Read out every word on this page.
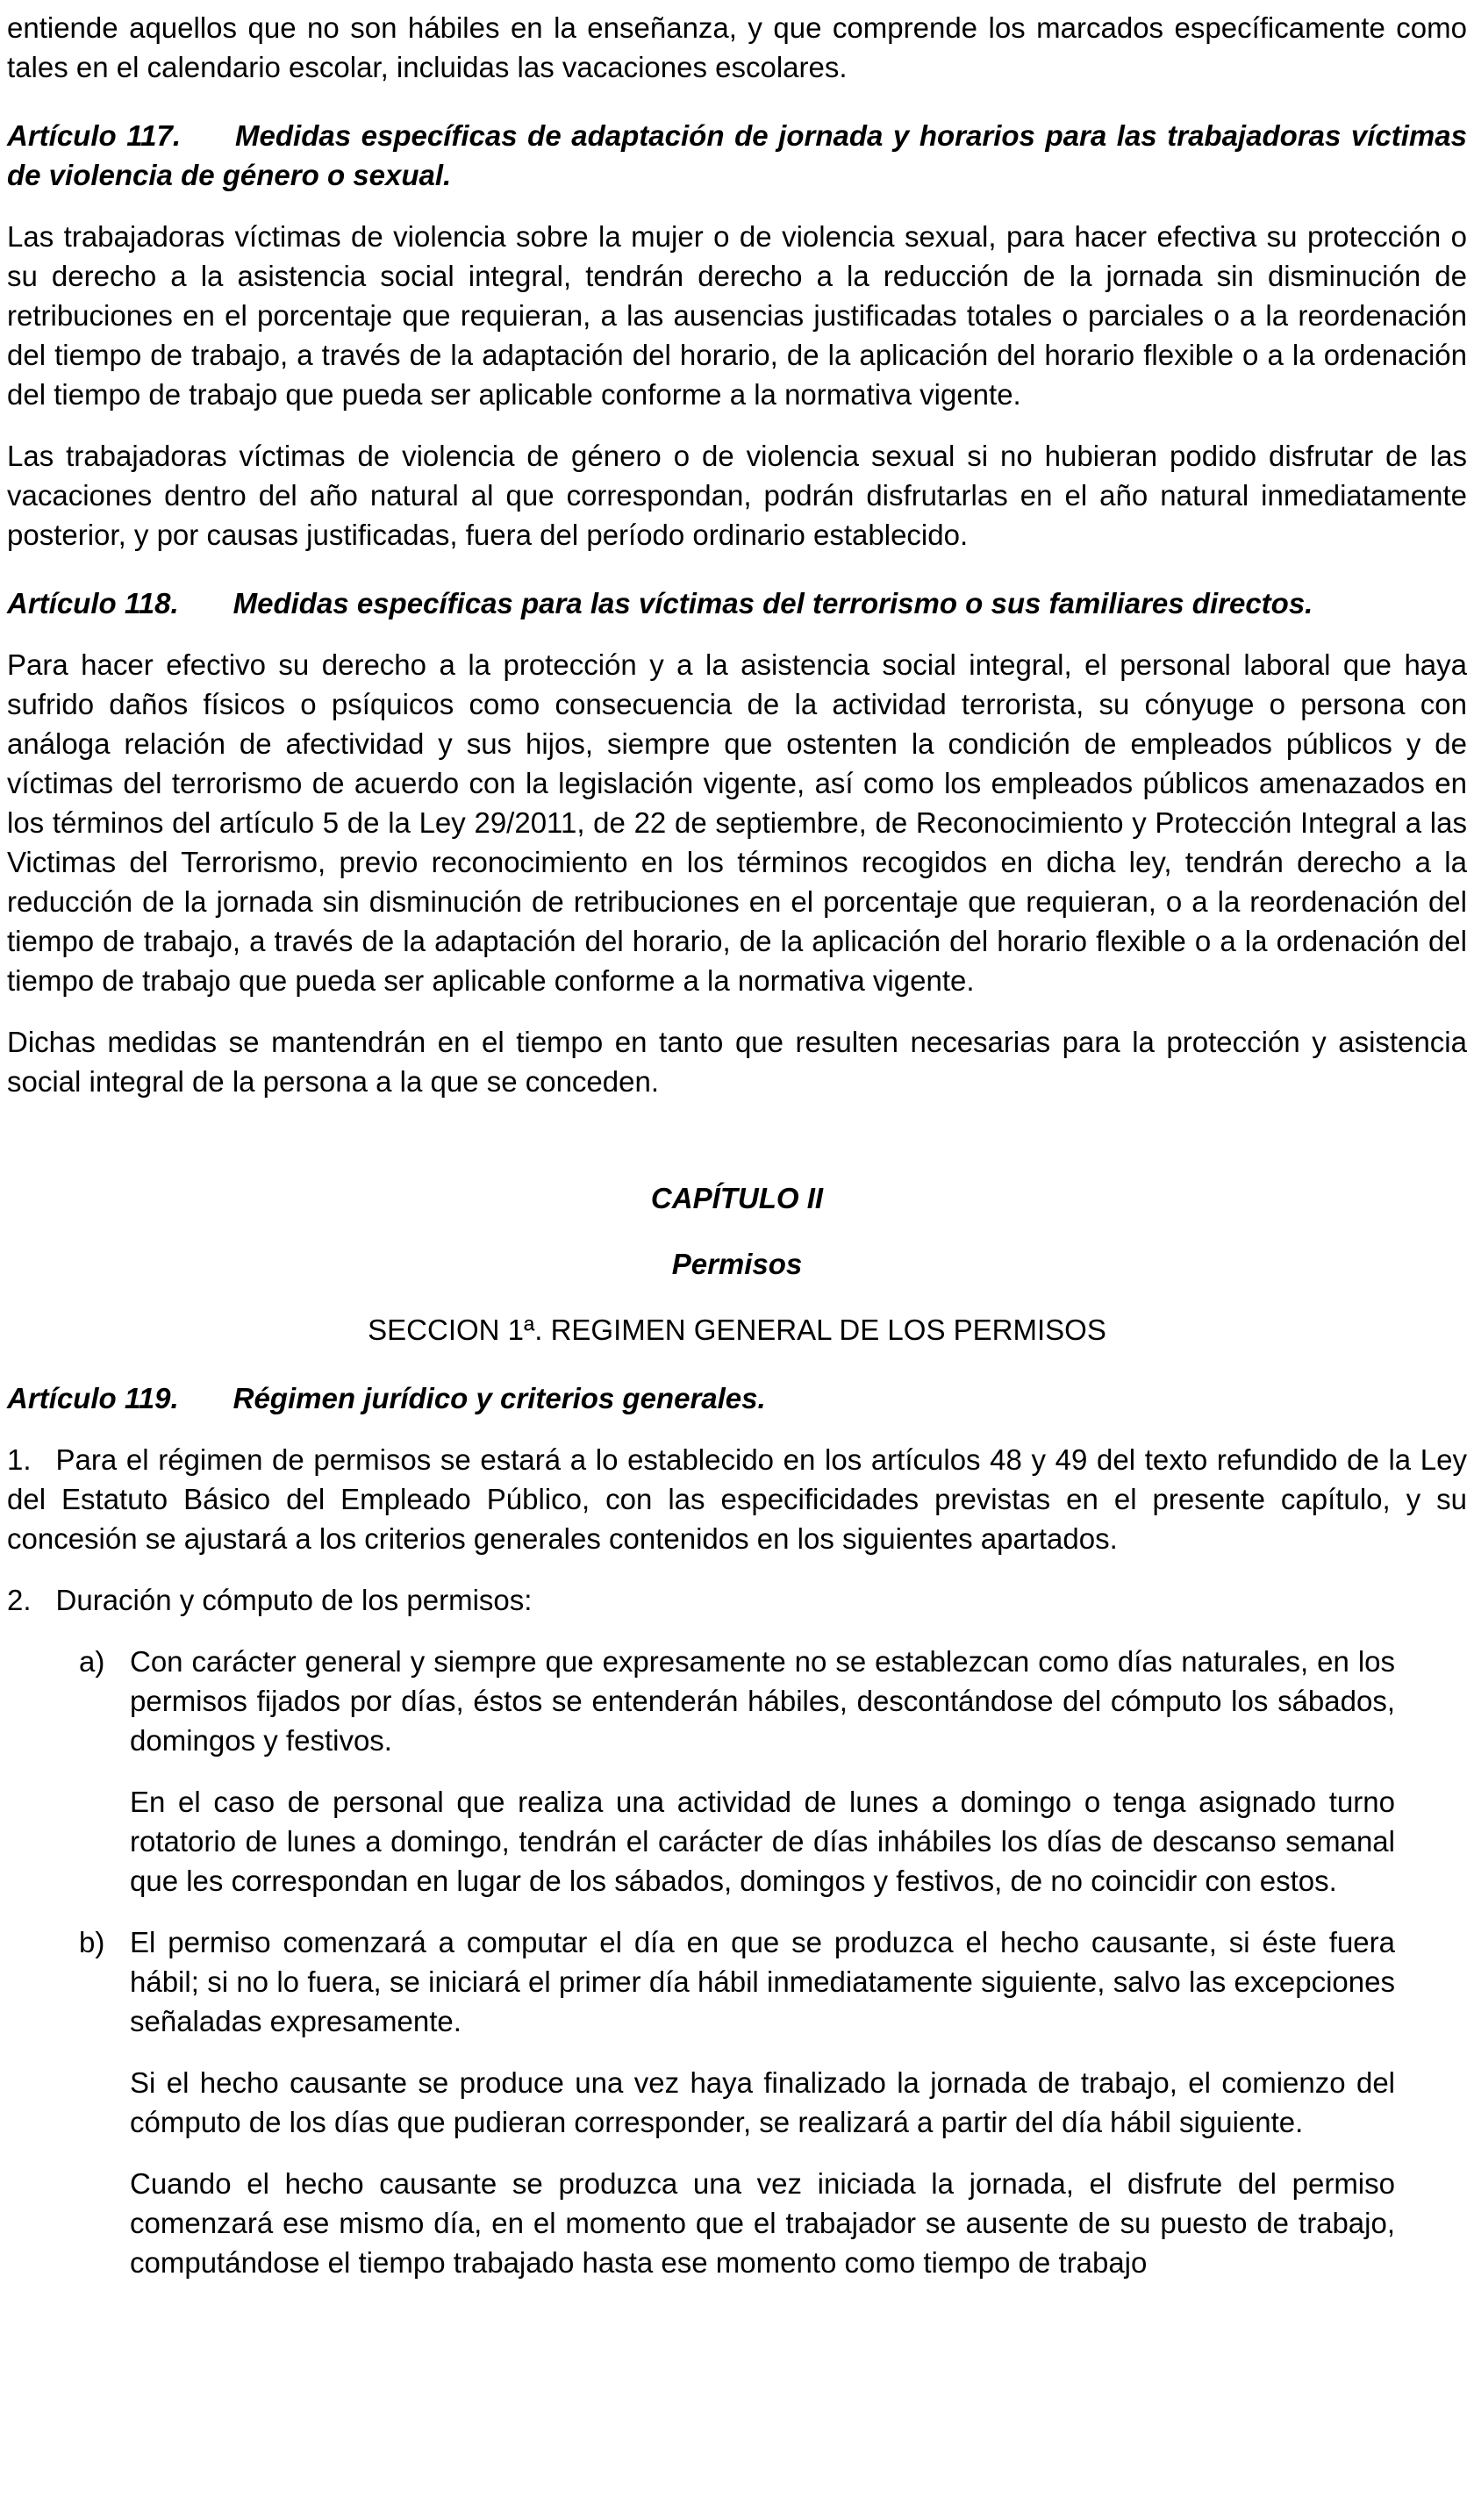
entiende aquellos que no son hábiles en la enseñanza, y que comprende los marcados específicamente como tales en el calendario escolar, incluidas las vacaciones escolares.

Artículo 117. Medidas específicas de adaptación de jornada y horarios para las trabajadoras víctimas de violencia de género o sexual.

Las trabajadoras víctimas de violencia sobre la mujer o de violencia sexual, para hacer efectiva su protección o su derecho a la asistencia social integral, tendrán derecho a la reducción de la jornada sin disminución de retribuciones en el porcentaje que requieran, a las ausencias justificadas totales o parciales o a la reordenación del tiempo de trabajo, a través de la adaptación del horario, de la aplicación del horario flexible o a la ordenación del tiempo de trabajo que pueda ser aplicable conforme a la normativa vigente.

Las trabajadoras víctimas de violencia de género o de violencia sexual si no hubieran podido disfrutar de las vacaciones dentro del año natural al que correspondan, podrán disfrutarlas en el año natural inmediatamente posterior, y por causas justificadas, fuera del período ordinario establecido.

Artículo 118. Medidas específicas para las víctimas del terrorismo o sus familiares directos.

Para hacer efectivo su derecho a la protección y a la asistencia social integral, el personal laboral que haya sufrido daños físicos o psíquicos como consecuencia de la actividad terrorista, su cónyuge o persona con análoga relación de afectividad y sus hijos, siempre que ostenten la condición de empleados públicos y de víctimas del terrorismo de acuerdo con la legislación vigente, así como los empleados públicos amenazados en los términos del artículo 5 de la Ley 29/2011, de 22 de septiembre, de Reconocimiento y Protección Integral a las Victimas del Terrorismo, previo reconocimiento en los términos recogidos en dicha ley, tendrán derecho a la reducción de la jornada sin disminución de retribuciones en el porcentaje que requieran, o a la reordenación del tiempo de trabajo, a través de la adaptación del horario, de la aplicación del horario flexible o a la ordenación del tiempo de trabajo que pueda ser aplicable conforme a la normativa vigente.

Dichas medidas se mantendrán en el tiempo en tanto que resulten necesarias para la protección y asistencia social integral de la persona a la que se conceden.

CAPÍTULO II

Permisos

SECCION 1ª. REGIMEN GENERAL DE LOS PERMISOS

Artículo 119. Régimen jurídico y criterios generales.

1. Para el régimen de permisos se estará a lo establecido en los artículos 48 y 49 del texto refundido de la Ley del Estatuto Básico del Empleado Público, con las especificidades previstas en el presente capítulo, y su concesión se ajustará a los criterios generales contenidos en los siguientes apartados.

2. Duración y cómputo de los permisos:

a) Con carácter general y siempre que expresamente no se establezcan como días naturales, en los permisos fijados por días, éstos se entenderán hábiles, descontándose del cómputo los sábados, domingos y festivos.

En el caso de personal que realiza una actividad de lunes a domingo o tenga asignado turno rotatorio de lunes a domingo, tendrán el carácter de días inhábiles los días de descanso semanal que les correspondan en lugar de los sábados, domingos y festivos, de no coincidir con estos.

b) El permiso comenzará a computar el día en que se produzca el hecho causante, si éste fuera hábil; si no lo fuera, se iniciará el primer día hábil inmediatamente siguiente, salvo las excepciones señaladas expresamente.

Si el hecho causante se produce una vez haya finalizado la jornada de trabajo, el comienzo del cómputo de los días que pudieran corresponder, se realizará a partir del día hábil siguiente.

Cuando el hecho causante se produzca una vez iniciada la jornada, el disfrute del permiso comenzará ese mismo día, en el momento que el trabajador se ausente de su puesto de trabajo, computándose el tiempo trabajado hasta ese momento como tiempo de trabajo
